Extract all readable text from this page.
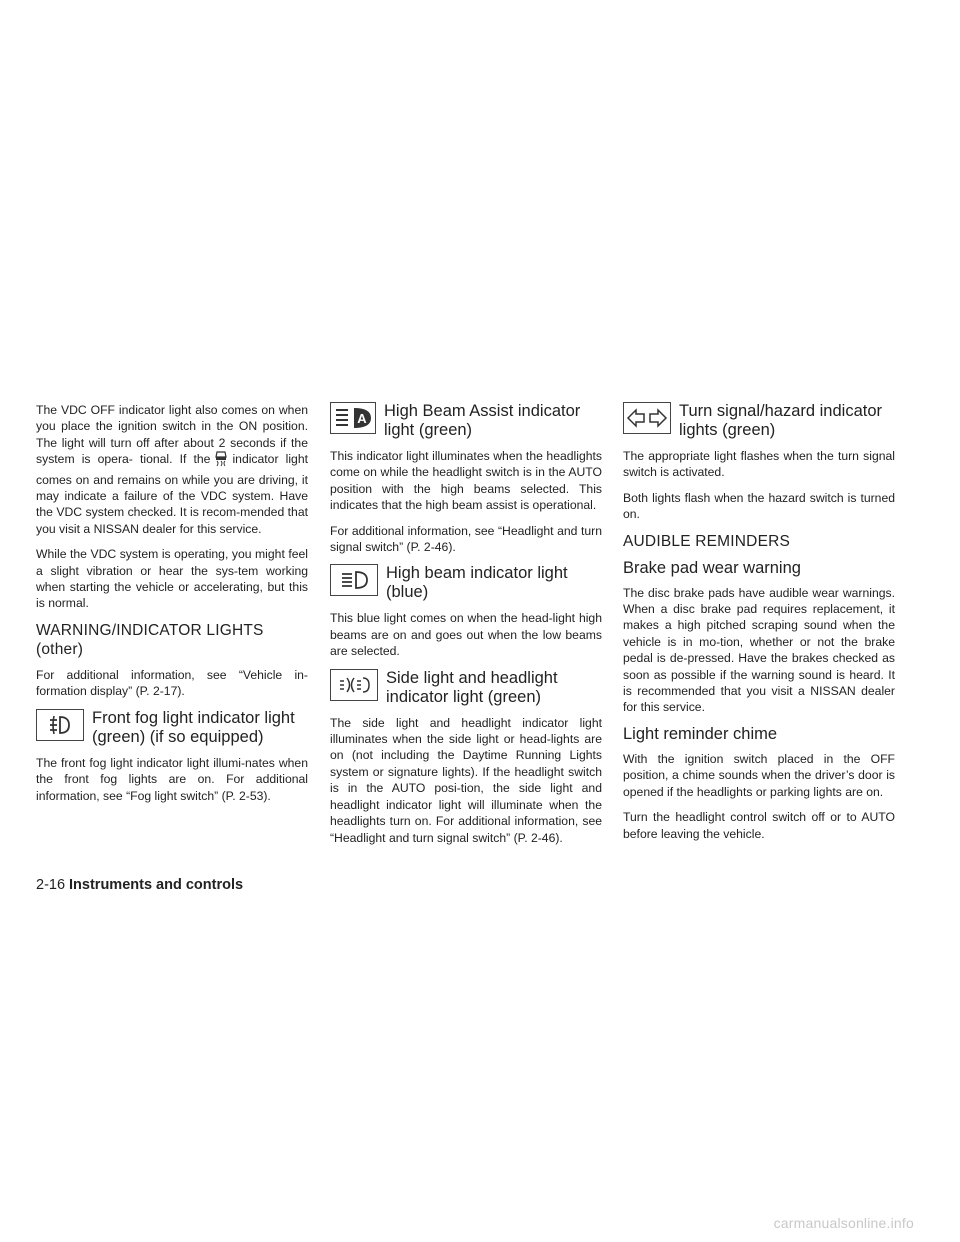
The VDC OFF indicator light also comes on when you place the ignition switch in the ON position. The light will turn off after about 2 seconds if the system is opera- tional. If the indicator light comes on and remains on while you are driving, it may indicate a failure of the VDC system. Have the VDC system checked. It is recom-mended that you visit a NISSAN dealer for this service.

While the VDC system is operating, you might feel a slight vibration or hear the sys-tem working when starting the vehicle or accelerating, but this is normal.

WARNING/INDICATOR LIGHTS (other)

For additional information, see “Vehicle in-formation display” (P. 2-17).

Front fog light indicator light (green) (if so equipped)

The front fog light indicator light illumi-nates when the front fog lights are on. For additional information, see “Fog light switch” (P. 2-53).

A High Beam Assist indicator light (green)

This indicator light illuminates when the headlights come on while the headlight switch is in the AUTO position with the high beams selected. This indicates that the high beam assist is operational.

For additional information, see “Headlight and turn signal switch” (P. 2-46).

High beam indicator light (blue)

This blue light comes on when the head-light high beams are on and goes out when the low beams are selected.

Side light and headlight indicator light (green)

The side light and headlight indicator light illuminates when the side light or head-lights are on (not including the Daytime Running Lights system or signature lights). If the headlight switch is in the AUTO posi-tion, the side light and headlight indicator light will illuminate when the headlights turn on. For additional information, see “Headlight and turn signal switch” (P. 2-46).

Turn signal/hazard indicator lights (green)

The appropriate light flashes when the turn signal switch is activated.

Both lights flash when the hazard switch is turned on.

AUDIBLE REMINDERS
Brake pad wear warning

The disc brake pads have audible wear warnings. When a disc brake pad requires replacement, it makes a high pitched scraping sound when the vehicle is in mo-tion, whether or not the brake pedal is de-pressed. Have the brakes checked as soon as possible if the warning sound is heard. It is recommended that you visit a NISSAN dealer for this service.

Light reminder chime

With the ignition switch placed in the OFF position, a chime sounds when the driver’s door is opened if the headlights or parking lights are on.

Turn the headlight control switch off or to AUTO before leaving the vehicle.

2-16 Instruments and controls
carmanualsonline.info
